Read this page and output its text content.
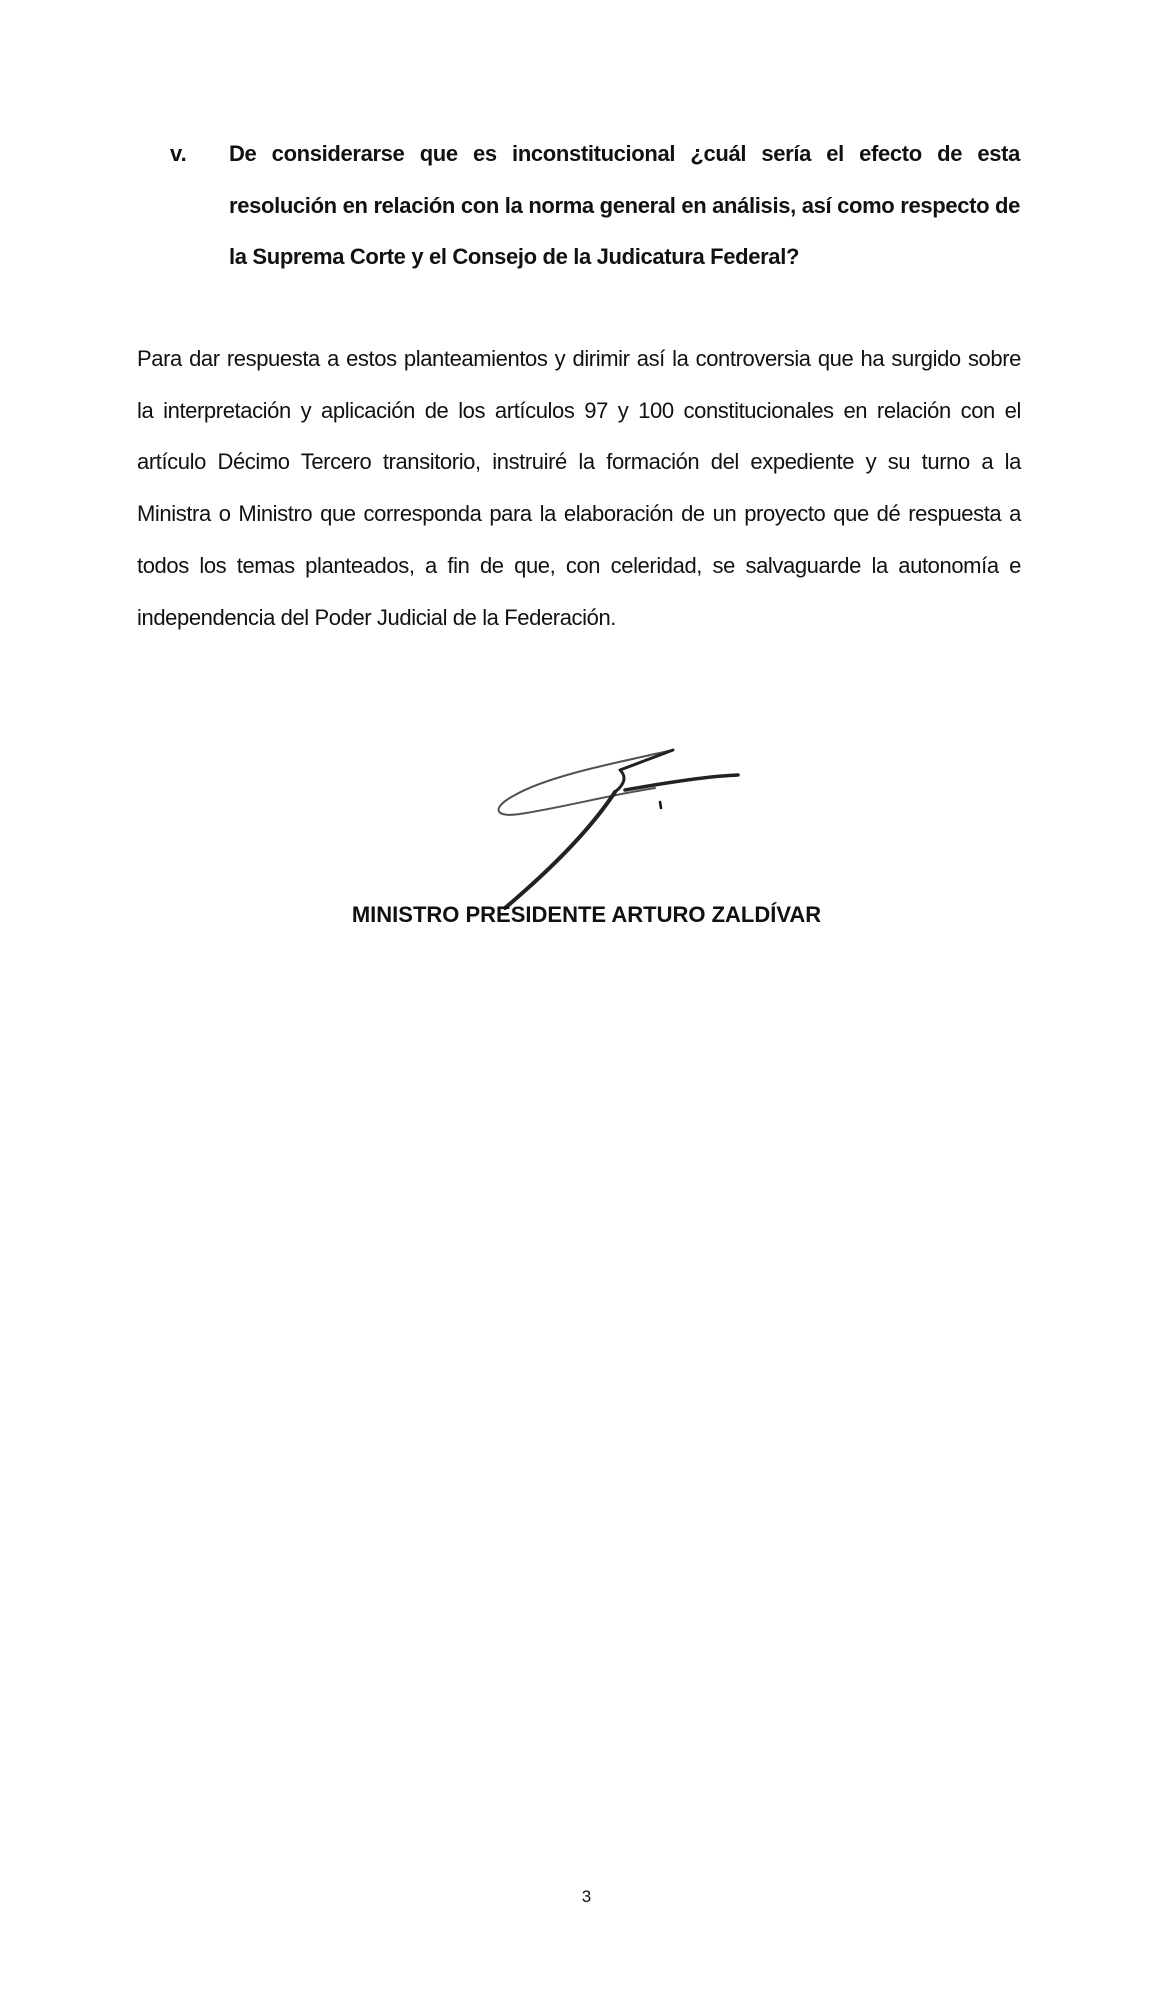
v. De considerarse que es inconstitucional ¿cuál sería el efecto de esta resolución en relación con la norma general en análisis, así como respecto de la Suprema Corte y el Consejo de la Judicatura Federal?
Para dar respuesta a estos planteamientos y dirimir así la controversia que ha surgido sobre la interpretación y aplicación de los artículos 97 y 100 constitucionales en relación con el artículo Décimo Tercero transitorio, instruiré la formación del expediente y su turno a la Ministra o Ministro que corresponda para la elaboración de un proyecto que dé respuesta a todos los temas planteados, a fin de que, con celeridad, se salvaguarde la autonomía e independencia del Poder Judicial de la Federación.
MINISTRO PRESIDENTE ARTURO ZALDÍVAR
3
